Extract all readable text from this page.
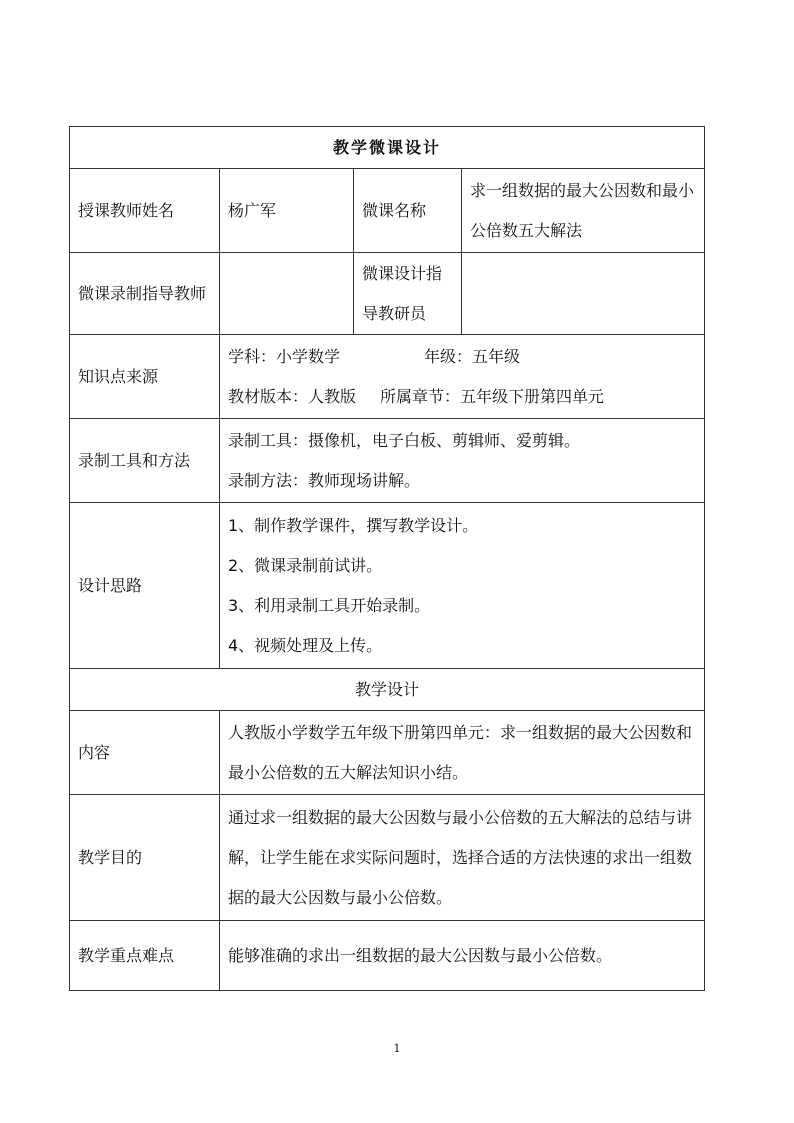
教学微课设计			
授课教师姓名	杨广军	微课名称	求一组数据的最大公因数和最小公倍数五大解法
微课录制指导教师		微课设计指导教研员	
知识点来源	学科：小学数学 年级：五年级
教材版本：人教版 所属章节：五年级下册第四单元		

录制工具和方法	录制工具：摄像机，电子白板、剪辑师、爱剪辑。
录制方法：教师现场讲解。		

设计思路	1、制作教学课件，撰写教学设计。
2、微课录制前试讲。
3、利用录制工具开始录制。
4、视频处理及上传。		

教学设计			
内容	人教版小学数学五年级下册第四单元：求一组数据的最大公因数和最小公倍数的五大解法知识小结。		
教学目的	通过求一组数据的最大公因数与最小公倍数的五大解法的总结与讲解，让学生能在求实际问题时，选择合适的方法快速的求出一组数据的最大公因数与最小公倍数。		
教学重点难点	能够准确的求出一组数据的最大公因数与最小公倍数。		
1
